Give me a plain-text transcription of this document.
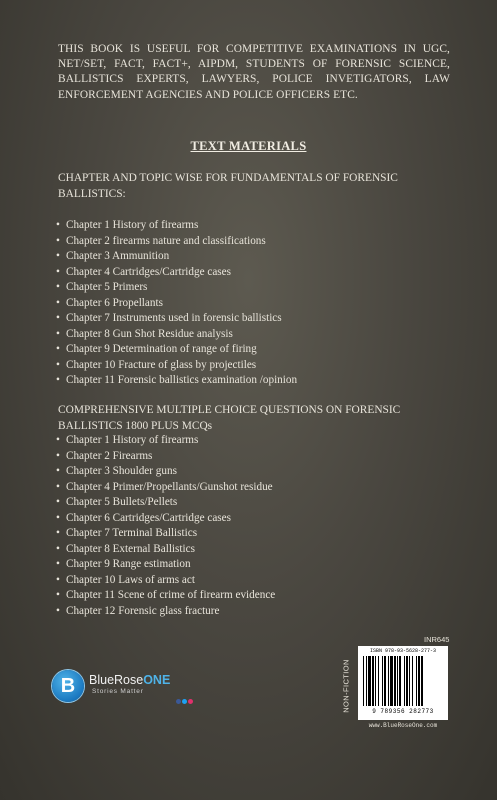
THIS BOOK IS USEFUL FOR COMPETITIVE EXAMINATIONS IN UGC, NET/SET, FACT, FACT+, AIPDM, STUDENTS OF FORENSIC SCIENCE, BALLISTICS EXPERTS, LAWYERS, POLICE INVETIGATORS, LAW ENFORCEMENT AGENCIES AND POLICE OFFICERS ETC.

TEXT MATERIALS
CHAPTER AND TOPIC WISE FOR FUNDAMENTALS OF FORENSIC BALLISTICS:
• Chapter 1 History of firearms
• Chapter 2 firearms nature and classifications
• Chapter 3 Ammunition
• Chapter 4 Cartridges/Cartridge cases
• Chapter 5 Primers
• Chapter 6 Propellants
• Chapter 7 Instruments used in forensic ballistics
• Chapter 8 Gun Shot Residue analysis
• Chapter 9 Determination of range of firing
• Chapter 10 Fracture of glass by projectiles
• Chapter 11 Forensic ballistics examination /opinion
COMPREHENSIVE MULTIPLE CHOICE QUESTIONS ON FORENSIC BALLISTICS 1800 PLUS MCQs
• Chapter 1 History of firearms
• Chapter 2 Firearms
• Chapter 3 Shoulder guns
• Chapter 4 Primer/Propellants/Gunshot residue
• Chapter 5 Bullets/Pellets
• Chapter 6 Cartridges/Cartridge cases
• Chapter 7 Terminal Ballistics
• Chapter 8 External Ballistics
• Chapter 9 Range estimation
• Chapter 10 Laws of arms act
• Chapter 11 Scene of crime of firearm evidence
• Chapter 12 Forensic glass fracture
B	BlueRoseONE
Stories Matter
INR645
NON-FICTION
ISBN 978-93-5628-277-3
9 789356 282773
www.BlueRoseOne.com
